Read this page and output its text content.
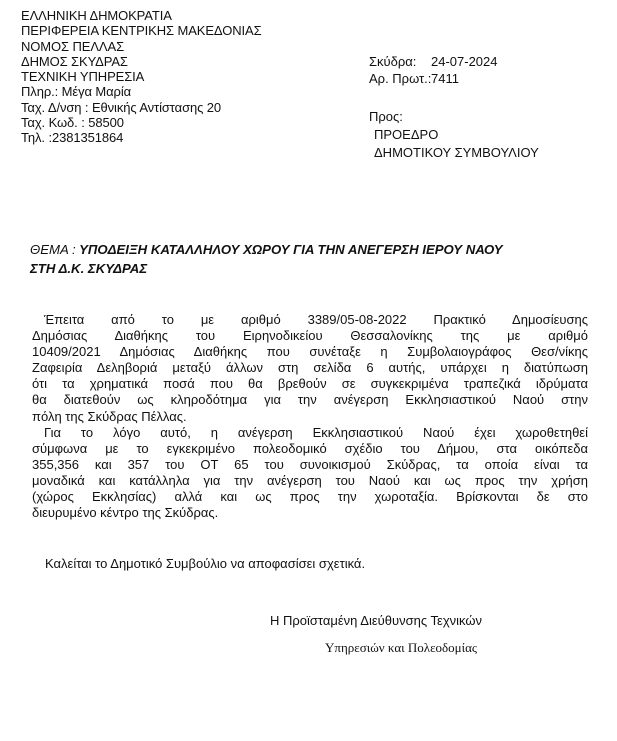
ΕΛΛΗΝΙΚΗ ΔΗΜΟΚΡΑΤΙΑ
ΠΕΡΙΦΕΡΕΙΑ ΚΕΝΤΡΙΚΗΣ ΜΑΚΕΔΟΝΙΑΣ
ΝΟΜΟΣ ΠΕΛΛΑΣ
ΔΗΜΟΣ ΣΚΥΔΡΑΣ
ΤΕΧΝΙΚΗ ΥΠΗΡΕΣΙΑ
Πληρ.: Μέγα Μαρία
Ταχ. Δ/νση : Εθνικής Αντίστασης 20
Ταχ. Κωδ. : 58500
Τηλ. :2381351864
Σκύδρα:	24-07-2024
Αρ. Πρωτ.: 7411
Προς:
ΠΡΟΕΔΡΟ
ΔΗΜΟΤΙΚΟΥ ΣΥΜΒΟΥΛΙΟΥ
ΘΕΜΑ : ΥΠΟΔΕΙΞΗ ΚΑΤΑΛΛΗΛΟΥ ΧΩΡΟΥ ΓΙΑ ΤΗΝ ΑΝΕΓΕΡΣΗ ΙΕΡΟΥ ΝΑΟΥ
ΣΤΗ Δ.Κ. ΣΚΥΔΡΑΣ

Έπειτα από το με αριθμό 3389/05-08-2022 Πρακτικό Δημοσίευσης
Δημόσιας Διαθήκης του Ειρηνοδικείου Θεσσαλονίκης της με αριθμό
10409/2021 Δημόσιας Διαθήκης που συνέταξε η Συμβολαιογράφος Θεσ/νίκης
Ζαφειρία Δεληβοριά μεταξύ άλλων στη σελίδα 6 αυτής, υπάρχει η διατύπωση
ότι τα χρηματικά ποσά που θα βρεθούν σε συγκεκριμένα τραπεζικά ιδρύματα
θα διατεθούν ως κληροδότημα για την ανέγερση Εκκλησιαστικού Ναού στην
πόλη της Σκύδρας Πέλλας.

Για το λόγο αυτό, η ανέγερση Εκκλησιαστικού Ναού έχει χωροθετηθεί
σύμφωνα με το εγκεκριμένο πολεοδομικό σχέδιο του Δήμου, στα οικόπεδα
355,356 και 357 του ΟΤ 65 του συνοικισμού Σκύδρας, τα οποία είναι τα
μοναδικά και κατάλληλα για την ανέγερση του Ναού και ως προς την χρήση
(χώρος Εκκλησίας) αλλά και ως προς την χωροταξία. Βρίσκονται δε στο
διευρυμένο κέντρο της Σκύδρας.

Καλείται το Δημοτικό Συμβούλιο να αποφασίσει σχετικά.
Η Προϊσταμένη Διεύθυνσης Τεχνικών
Υπηρεσιών και Πολεοδομίας
